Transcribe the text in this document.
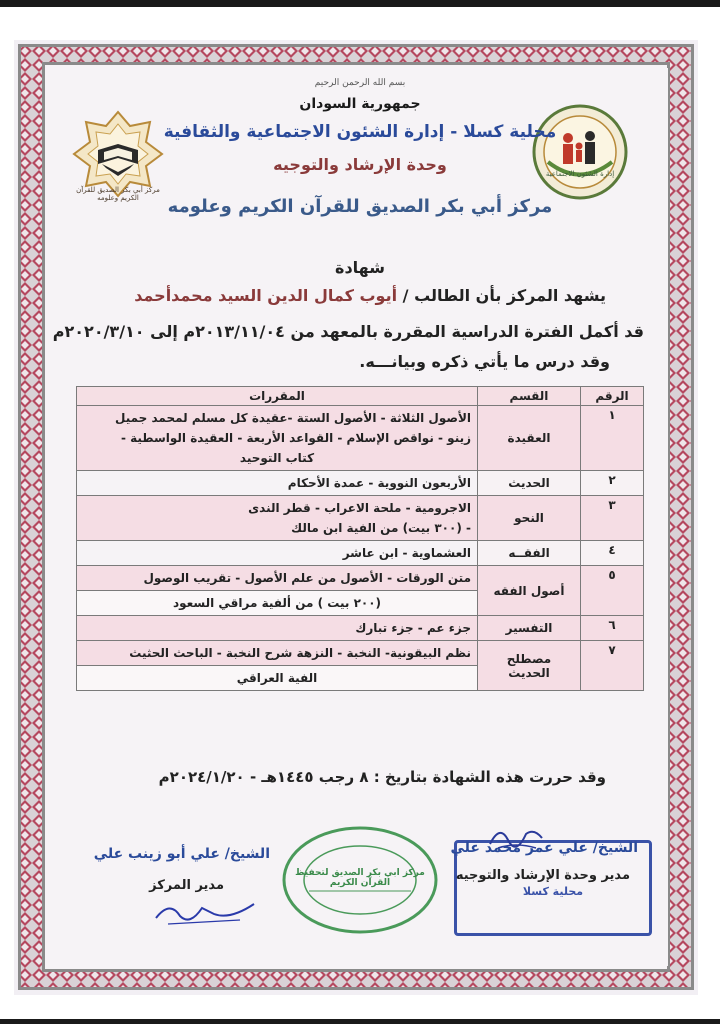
إدارة الشئون الاجتماعية
مركز أبي بكر الصديق للقرآن الكريم وعلومه
بسم الله الرحمن الرحيم
جمهورية السودان
محلية كسلا - إدارة الشئون الاجتماعية والثقافية
وحدة الإرشاد والتوجيه
مركز أبي بكر الصديق للقرآن الكريم وعلومه
شهادة
يشهد المركز بأن الطالب / أيوب كمال الدين السيد محمدأحمد
قد أكمل الفترة الدراسية المقررة بالمعهد من ٢٠١٣/١١/٠٤م إلى ٢٠٢٠/٣/١٠م
وقد درس ما يأتي ذكره وبيانـــه.
الرقم	القسم	المقررات
١	العقيدة	الأصول الثلاثة - الأصول الستة -عقيدة كل مسلم لمحمد جميل
زينو - نواقص الإسلام - القواعد الأربعة - العقيدة الواسطية -
كتاب التوحيد

٢	الحديث	الأربعون النووية - عمدة الأحكام

٣	النحو	الاجرومية - ملحة الاعراب - قطر الندى
- (٣٠٠ بيت) من الفية ابن مالك

٤	الفقــه	العشماوية - ابن عاشر

٥	أصول الفقه	متن الورقات - الأصول من علم الأصول - تقريب الوصول

		(٢٠٠ بيت ) من ألفية مراقي السعود
٦	التفسير	جزء عم - جزء تبارك

٧	مصطلح الحديث	نظم البيقونية- النخبة - النزهة شرح النخبة - الباحث الحثيث

		الفية العراقي
وقد حررت هذه الشهادة بتاريخ : ٨ رجب ١٤٤٥هـ - ٢٠٢٤/١/٢٠م
محلية كسلا
الشيخ/ علي عمر محمد علي
مدير وحدة الإرشاد والتوجيه
مركز ابي بكر الصديق لتحفيظ القرآن الكريم
الشيخ/ علي أبو زينب علي
مدير المركز
